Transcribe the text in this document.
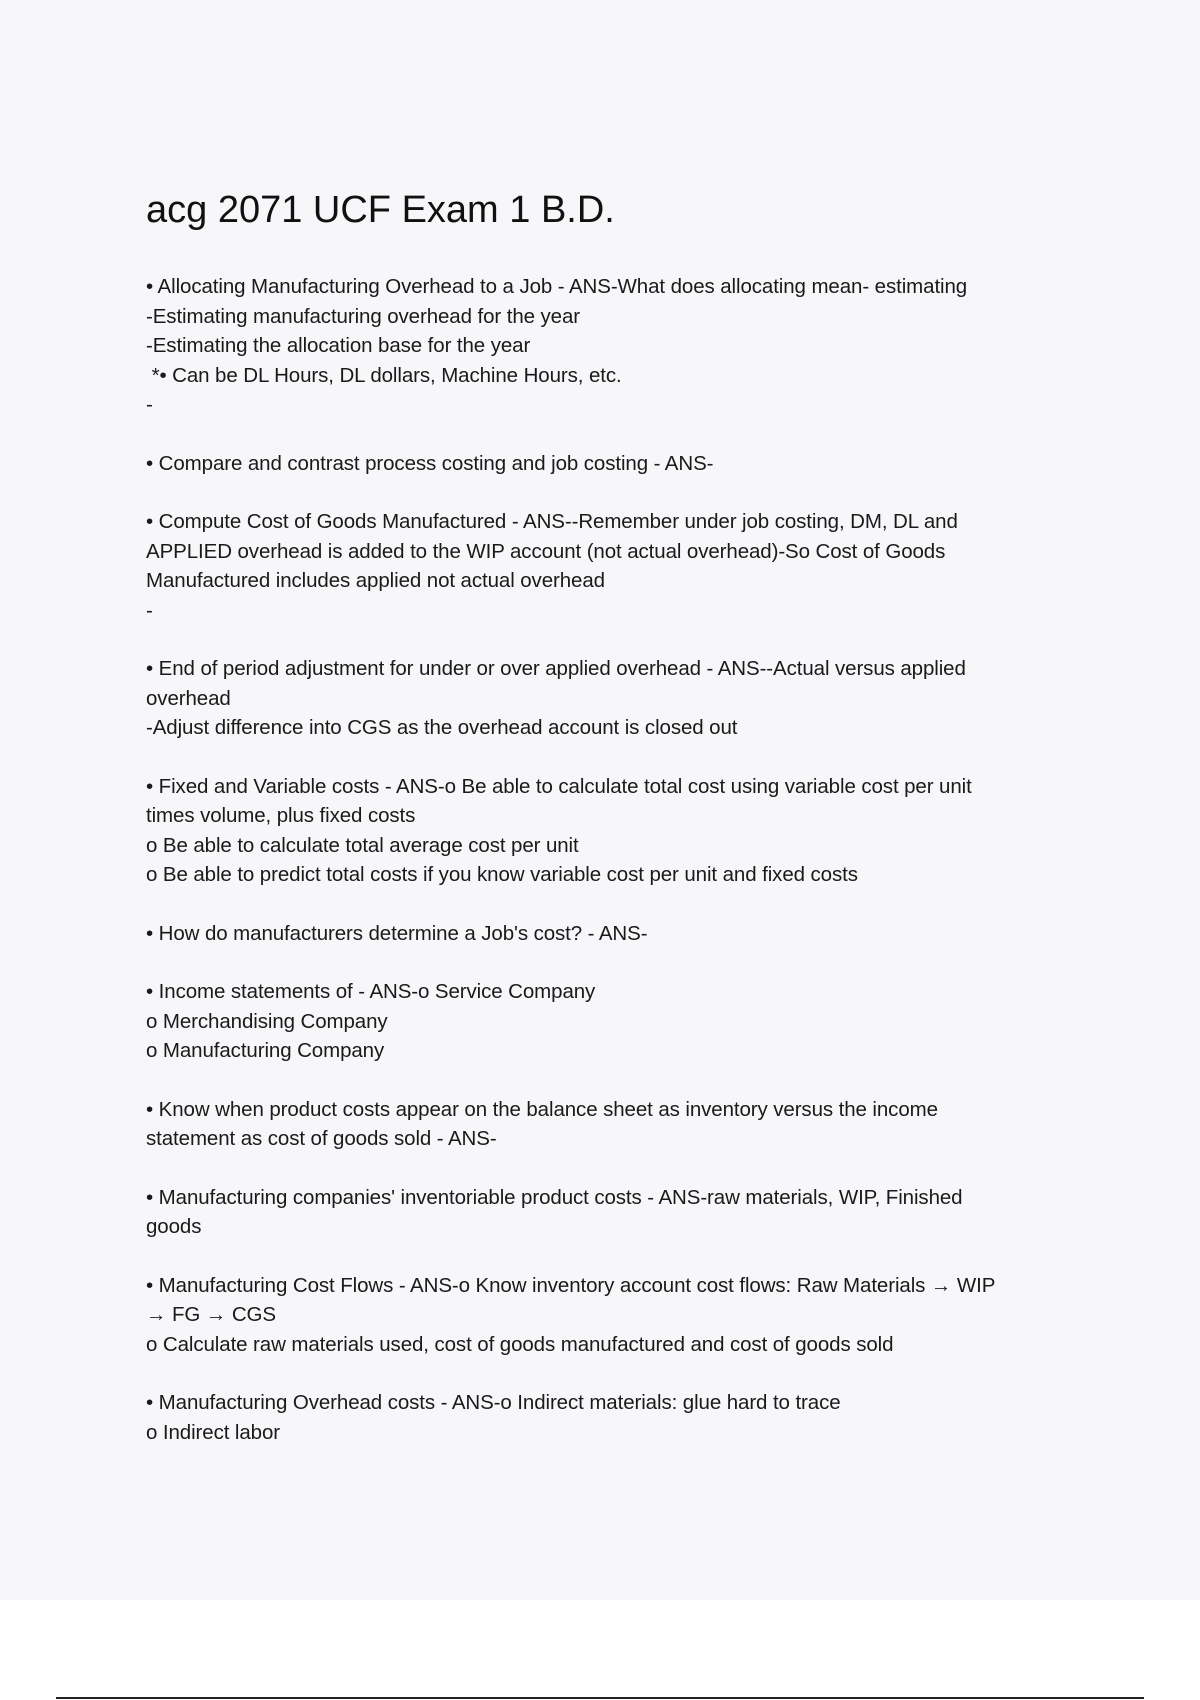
acg 2071 UCF Exam 1 B.D.
• Allocating Manufacturing Overhead to a Job - ANS-What does allocating mean- estimating
-Estimating manufacturing overhead for the year
-Estimating the allocation base for the year
*• Can be DL Hours, DL dollars, Machine Hours, etc.
-
• Compare and contrast process costing and job costing - ANS-
• Compute Cost of Goods Manufactured - ANS--Remember under job costing, DM, DL and
APPLIED overhead is added to the WIP account (not actual overhead)-So Cost of Goods
Manufactured includes applied not actual overhead
-
• End of period adjustment for under or over applied overhead - ANS--Actual versus applied
overhead
-Adjust difference into CGS as the overhead account is closed out
• Fixed and Variable costs - ANS-o Be able to calculate total cost using variable cost per unit
times volume, plus fixed costs
o Be able to calculate total average cost per unit
o Be able to predict total costs if you know variable cost per unit and fixed costs
• How do manufacturers determine a Job's cost? - ANS-
• Income statements of - ANS-o Service Company
o Merchandising Company
o Manufacturing Company
• Know when product costs appear on the balance sheet as inventory versus the income
statement as cost of goods sold - ANS-
• Manufacturing companies' inventoriable product costs - ANS-raw materials, WIP, Finished
goods
• Manufacturing Cost Flows - ANS-o Know inventory account cost flows: Raw Materials → WIP
→ FG → CGS
o Calculate raw materials used, cost of goods manufactured and cost of goods sold
• Manufacturing Overhead costs - ANS-o Indirect materials: glue hard to trace
o Indirect labor
